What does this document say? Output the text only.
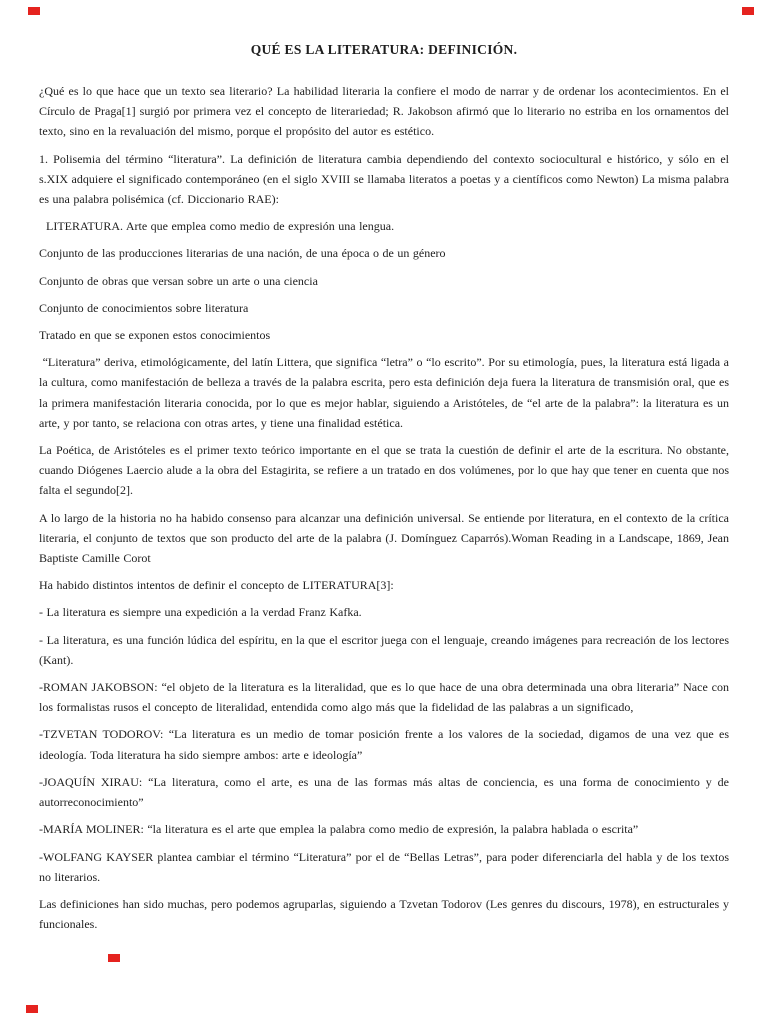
QUÉ ES LA LITERATURA: DEFINICIÓN.

¿Qué es lo que hace que un texto sea literario? La habilidad literaria la confiere el modo de narrar y de ordenar los acontecimientos. En el Círculo de Praga[1] surgió por primera vez el concepto de literariedad; R. Jakobson afirmó que lo literario no estriba en los ornamentos del texto, sino en la revaluación del mismo, porque el propósito del autor es estético.

1. Polisemia del término “literatura”. La definición de literatura cambia dependiendo del contexto sociocultural e histórico, y sólo en el s.XIX adquiere el significado contemporáneo (en el siglo XVIII se llamaba literatos a poetas y a científicos como Newton) La misma palabra es una palabra polisémica (cf. Diccionario RAE):

LITERATURA. Arte que emplea como medio de expresión una lengua.

Conjunto de las producciones literarias de una nación, de una época o de un género

Conjunto de obras que versan sobre un arte o una ciencia

Conjunto de conocimientos sobre literatura

Tratado en que se exponen estos conocimientos

“Literatura” deriva, etimológicamente, del latín Littera, que significa “letra” o “lo escrito”. Por su etimología, pues, la literatura está ligada a la cultura, como manifestación de belleza a través de la palabra escrita, pero esta definición deja fuera la literatura de transmisión oral, que es la primera manifestación literaria conocida, por lo que es mejor hablar, siguiendo a Aristóteles, de “el arte de la palabra”: la literatura es un arte, y por tanto, se relaciona con otras artes, y tiene una finalidad estética.

La Poética, de Aristóteles es el primer texto teórico importante en el que se trata la cuestión de definir el arte de la escritura. No obstante, cuando Diógenes Laercio alude a la obra del Estagirita, se refiere a un tratado en dos volúmenes, por lo que hay que tener en cuenta que nos falta el segundo[2].

A lo largo de la historia no ha habido consenso para alcanzar una definición universal. Se entiende por literatura, en el contexto de la crítica literaria, el conjunto de textos que son producto del arte de la palabra (J. Domínguez Caparrós).Woman Reading in a Landscape, 1869, Jean Baptiste Camille Corot

Ha habido distintos intentos de definir el concepto de LITERATURA[3]:

- La literatura es siempre una expedición a la verdad Franz Kafka.

- La literatura, es una función lúdica del espíritu, en la que el escritor juega con el lenguaje, creando imágenes para recreación de los lectores (Kant).

-ROMAN JAKOBSON: “el objeto de la literatura es la literalidad, que es lo que hace de una obra determinada una obra literaria” Nace con los formalistas rusos el concepto de literalidad, entendida como algo más que la fidelidad de las palabras a un significado,

-TZVETAN TODOROV: “La literatura es un medio de tomar posición frente a los valores de la sociedad, digamos de una vez que es ideología. Toda literatura ha sido siempre ambos: arte e ideología”

-JOAQUÍN XIRAU: “La literatura, como el arte, es una de las formas más altas de conciencia, es una forma de conocimiento y de autorreconocimiento”

-MARÍA MOLINER: “la literatura es el arte que emplea la palabra como medio de expresión, la palabra hablada o escrita”

-WOLFANG KAYSER plantea cambiar el término “Literatura” por el de “Bellas Letras”, para poder diferenciarla del habla y de los textos no literarios.

Las definiciones han sido muchas, pero podemos agruparlas, siguiendo a Tzvetan Todorov (Les genres du discours, 1978), en estructurales y funcionales.
